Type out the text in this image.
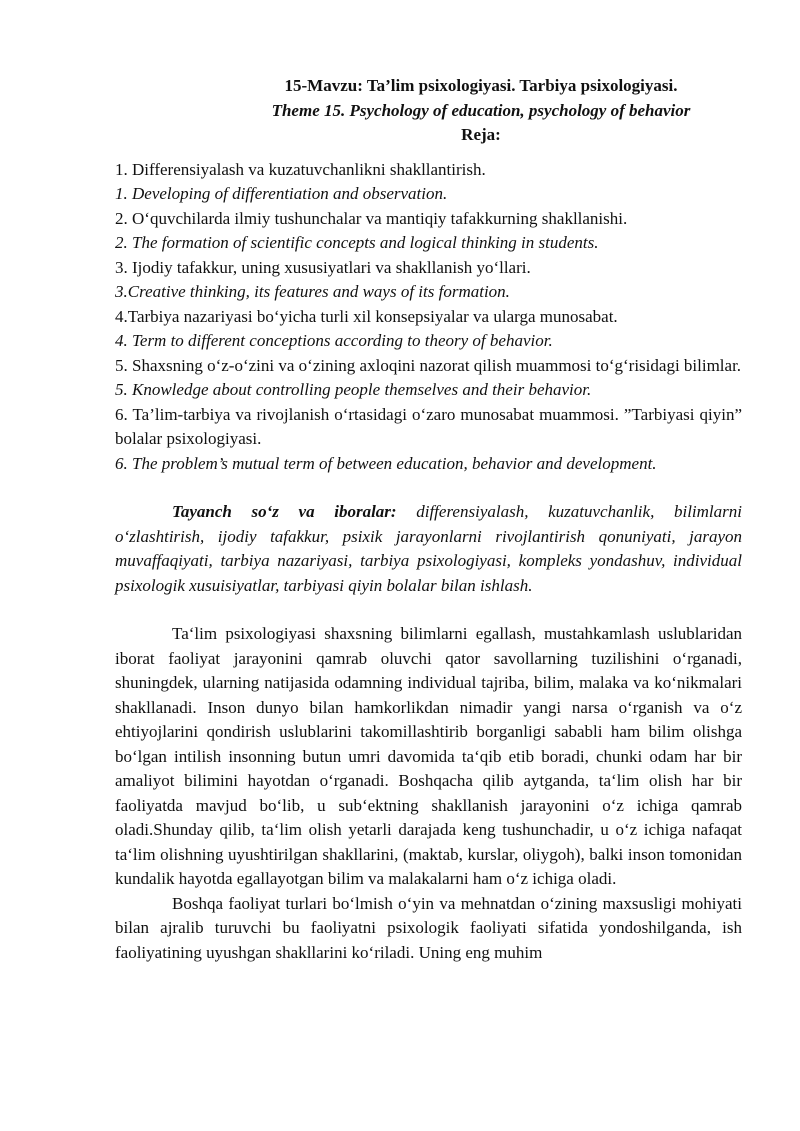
15-Mavzu: Ta’lim psixologiyasi. Tarbiya psixologiyasi.

Theme 15. Psychology of education, psychology of behavior

Reja:

1. Differensiyalash va kuzatuvchanlikni shakllantirish.

1. Developing of differentiation and observation.

2. O‘quvchilarda ilmiy tushunchalar va mantiqiy tafakkurning shakllanishi.

2. The formation of scientific concepts and logical thinking in students.

3. Ijodiy tafakkur, uning xususiyatlari va shakllanish yo‘llari.

3.Creative thinking, its features and ways of its formation.

4.Tarbiya nazariyasi bo‘yicha turli xil konsepsiyalar va ularga munosabat.

4. Term to different conceptions according to theory of behavior.

5. Shaxsning o‘z-o‘zini va o‘zining axloqini nazorat qilish muammosi to‘g‘risidagi bilimlar.

5. Knowledge about controlling people themselves and their behavior.

6. Ta’lim-tarbiya va rivojlanish o‘rtasidagi o‘zaro munosabat muammosi. ”Tarbiyasi qiyin” bolalar psixologiyasi.

6. The problem’s mutual term of between education, behavior and development.

Tayanch so‘z va iboralar: differensiyalash, kuzatuvchanlik, bilimlarni o‘zlashtirish, ijodiy tafakkur, psixik jarayonlarni rivojlantirish qonuniyati, jarayon muvaffaqiyati, tarbiya nazariyasi, tarbiya psixologiyasi, kompleks yondashuv, individual psixologik xusuisiyatlar, tarbiyasi qiyin bolalar bilan ishlash.

Ta‘lim psixologiyasi shaxsning bilimlarni egallash, mustahkamlash uslublaridan iborat faoliyat jarayonini qamrab oluvchi qator savollarning tuzilishini o‘rganadi, shuningdek, ularning natijasida odamning individual tajriba, bilim, malaka va ko‘nikmalari shakllanadi. Inson dunyo bilan hamkorlikdan nimadir yangi narsa o‘rganish va o‘z ehtiyojlarini qondirish uslublarini takomillashtirib borganligi sababli ham bilim olishga bo‘lgan intilish insonning butun umri davomida ta‘qib etib boradi, chunki odam har bir amaliyot bilimini hayotdan o‘rganadi. Boshqacha qilib aytganda, ta‘lim olish har bir faoliyatda mavjud bo‘lib, u sub‘ektning shakllanish jarayonini o‘z ichiga qamrab oladi.Shunday qilib, ta‘lim olish yetarli darajada keng tushunchadir, u o‘z ichiga nafaqat ta‘lim olishning uyushtirilgan shakllarini, (maktab, kurslar, oliygoh), balki inson tomonidan kundalik hayotda egallayotgan bilim va malakalarni ham o‘z ichiga oladi.

Boshqa faoliyat turlari bo‘lmish o‘yin va mehnatdan o‘zining maxsusligi mohiyati bilan ajralib turuvchi bu faoliyatni psixologik faoliyati sifatida yondoshilganda, ish faoliyatining uyushgan shakllarini ko‘riladi. Uning eng muhim
